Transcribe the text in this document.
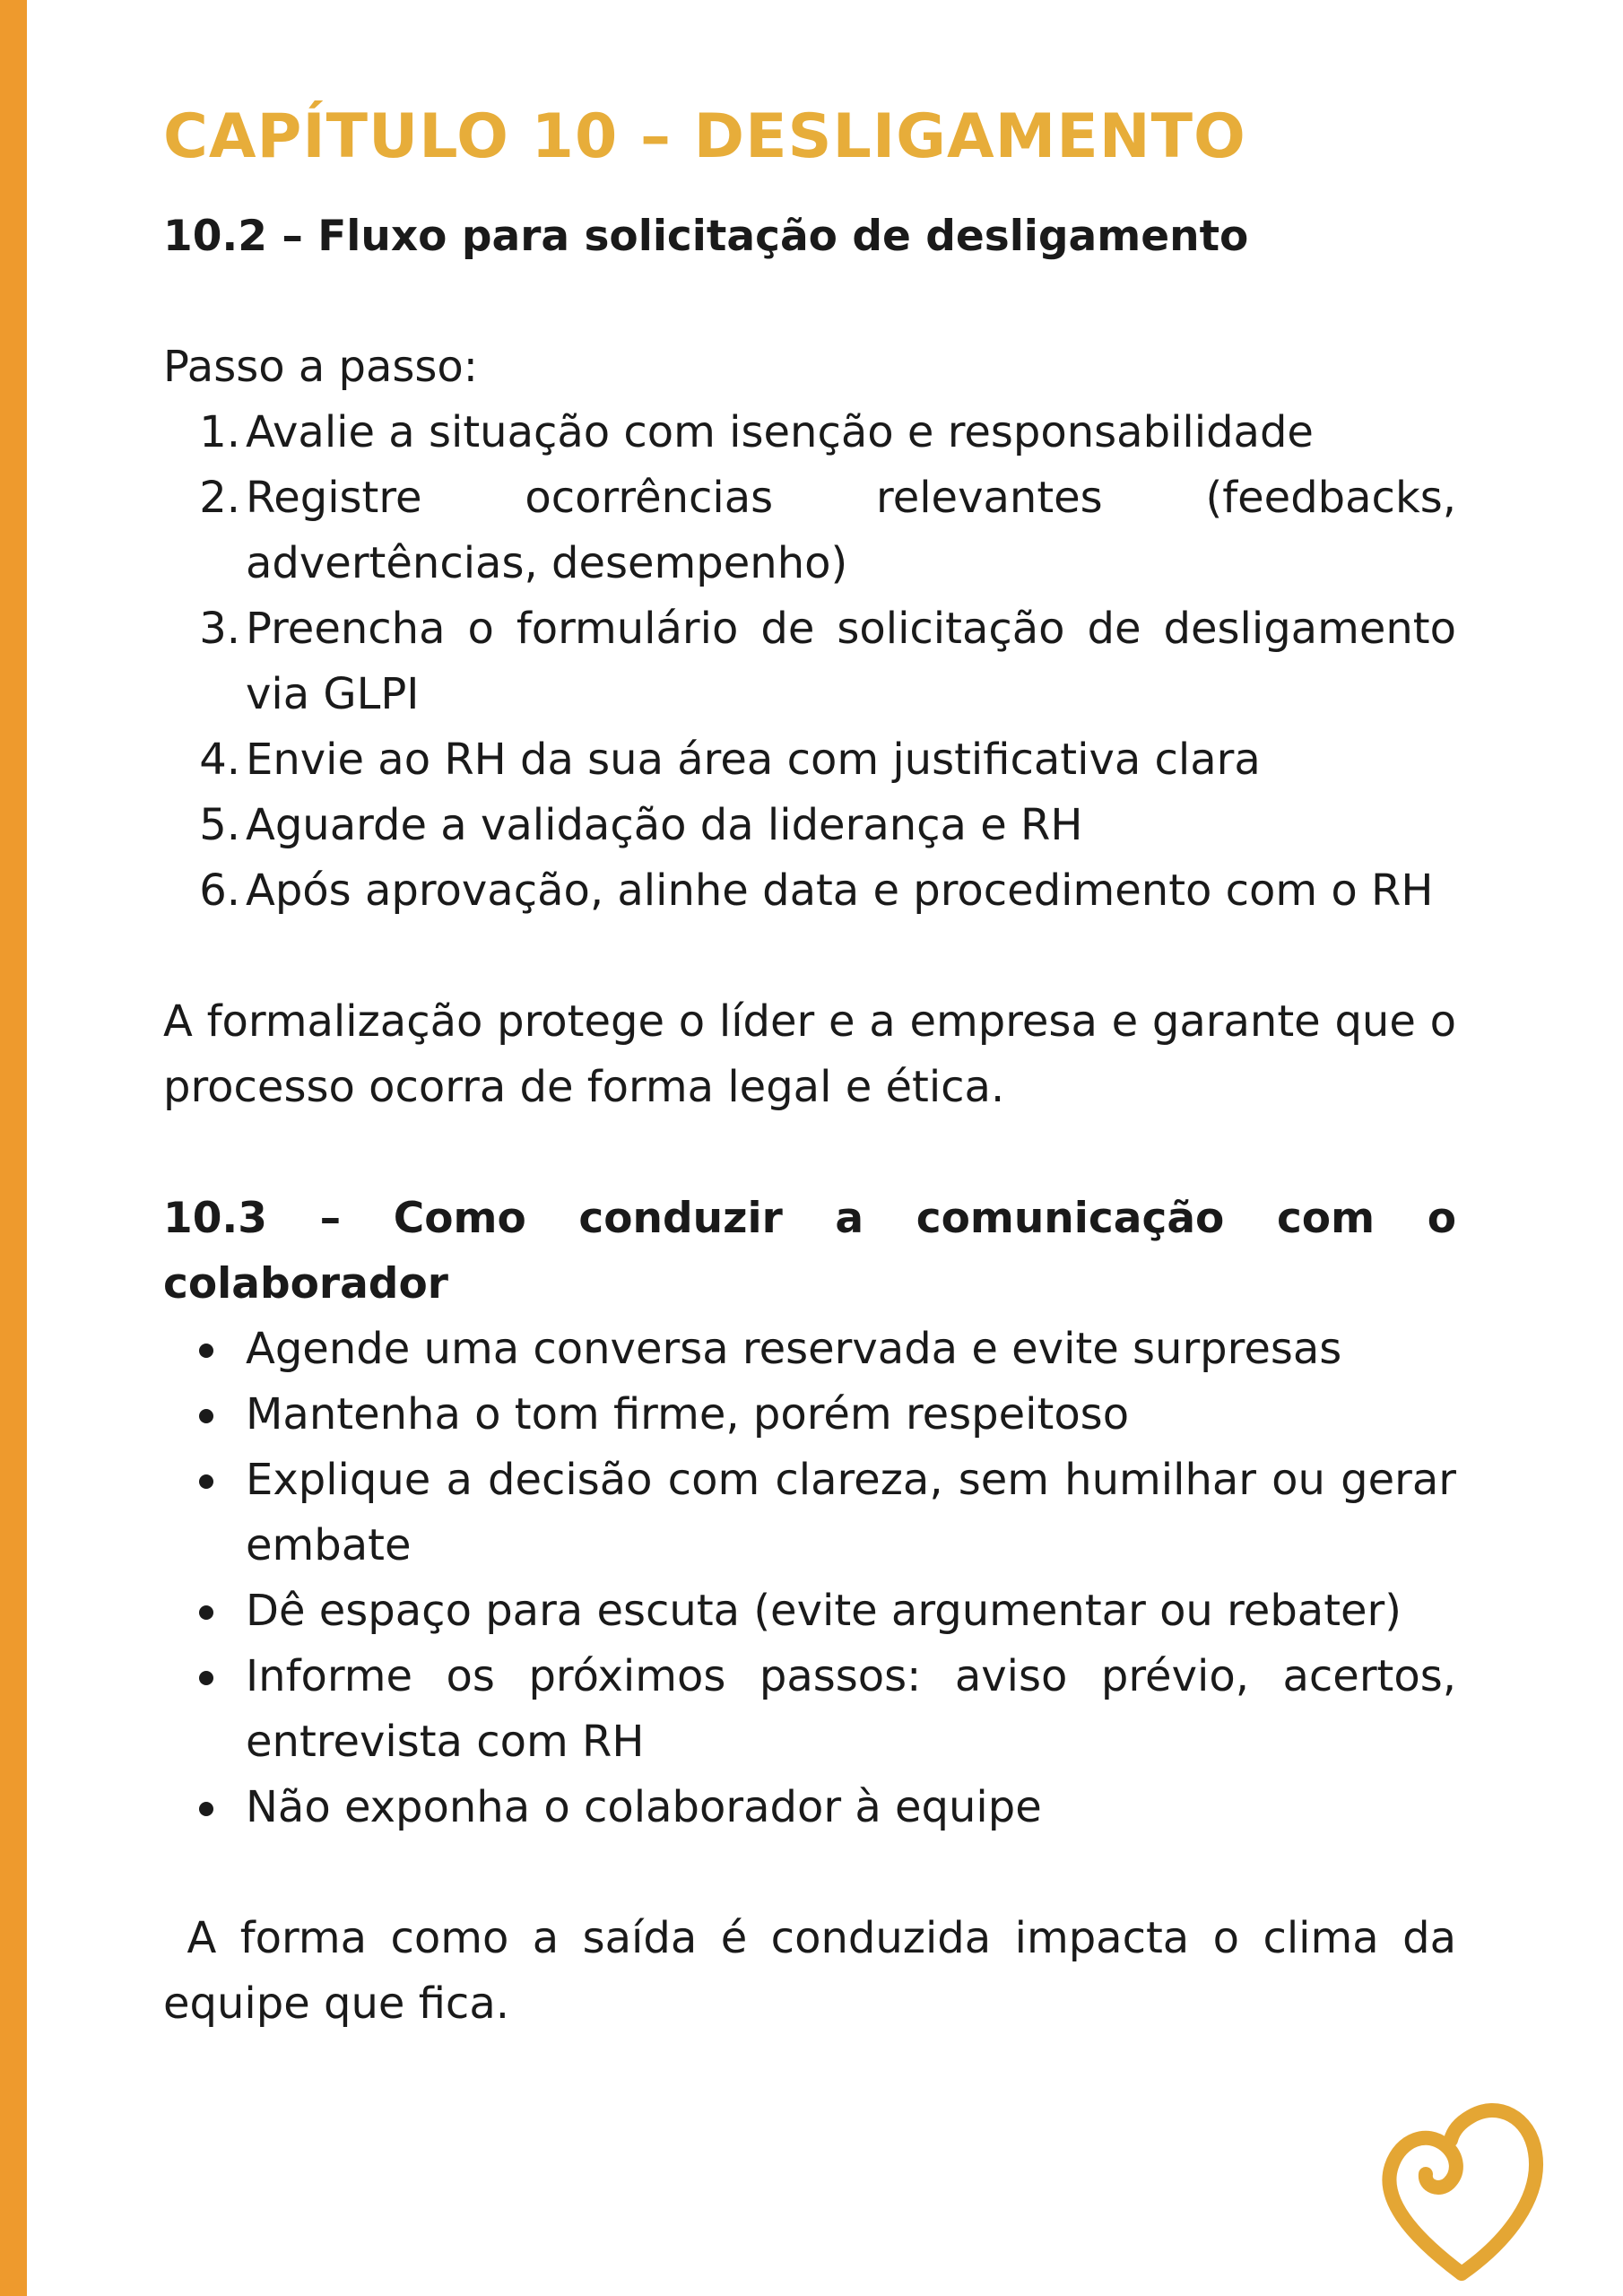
CAPÍTULO 10 – DESLIGAMENTO
10.2 – Fluxo para solicitação de desligamento

Passo a passo:

1. Avalie a situação com isenção e responsabilidade
2. Registre ocorrências relevantes (feedbacks, advertências, desempenho)
3. Preencha o formulário de solicitação de desligamento via GLPI
4. Envie ao RH da sua área com justificativa clara
5. Aguarde a validação da liderança e RH
6. Após aprovação, alinhe data e procedimento com o RH

A formalização protege o líder e a empresa e garante que o processo ocorra de forma legal e ética.

10.3 – Como conduzir a comunicação com o colaborador
Agende uma conversa reservada e evite surpresas
Mantenha o tom firme, porém respeitoso
Explique a decisão com clareza, sem humilhar ou gerar embate
Dê espaço para escuta (evite argumentar ou rebater)
Informe os próximos passos: aviso prévio, acertos, entrevista com RH
Não exponha o colaborador à equipe

A forma como a saída é conduzida impacta o clima da equipe que fica.
